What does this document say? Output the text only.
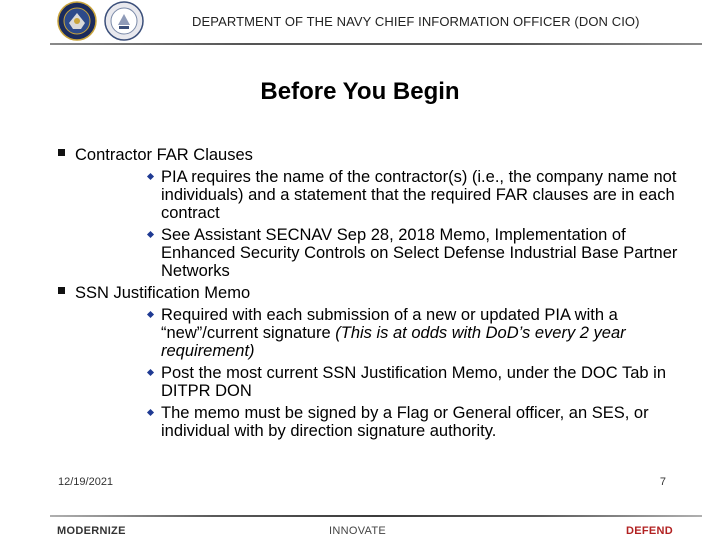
DEPARTMENT OF THE NAVY CHIEF INFORMATION OFFICER (DON CIO)
Before You Begin
Contractor FAR Clauses
PIA requires the name of the contractor(s) (i.e., the company name not individuals) and a statement that the required FAR clauses are in each contract
See Assistant SECNAV Sep 28, 2018 Memo, Implementation of Enhanced Security Controls on Select Defense Industrial Base Partner Networks
SSN Justification Memo
Required with each submission of a new or updated PIA with a “new”/current signature (This is at odds with DoD’s every 2 year requirement)
Post the most current SSN Justification Memo, under the DOC Tab in DITPR DON
The memo must be signed by a Flag or General officer, an SES, or individual with by direction signature authority.
12/19/2021	7
MODERNIZE	INNOVATE	DEFEND
